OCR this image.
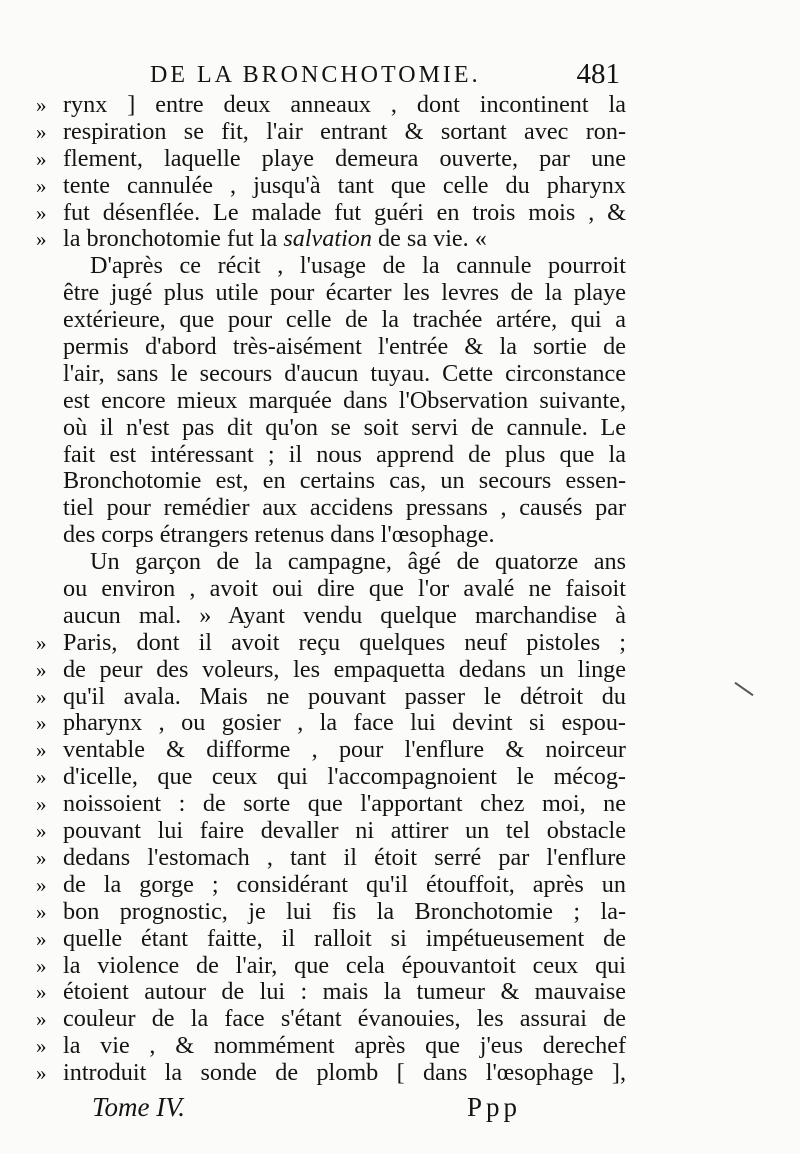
DE LA BRONCHOTOMIE.	481
» rynx ] entre deux anneaux , dont incontinent la
» respiration se fit, l'air entrant & sortant avec ron-
» flement, laquelle playe demeura ouverte, par une
» tente cannulée , jusqu'à tant que celle du pharynx
» fut désenflée. Le malade fut guéri en trois mois , &
» la bronchotomie fut la salvation de sa vie. «
D'après ce récit , l'usage de la cannule pourroit
être jugé plus utile pour écarter les levres de la playe
extérieure, que pour celle de la trachée artére, qui a
permis d'abord très-aisément l'entrée & la sortie de
l'air, sans le secours d'aucun tuyau. Cette circonstance
est encore mieux marquée dans l'Observation suivante,
où il n'est pas dit qu'on se soit servi de cannule. Le
fait est intéressant ; il nous apprend de plus que la
Bronchotomie est, en certains cas, un secours essen-
tiel pour remédier aux accidens pressans , causés par
des corps étrangers retenus dans l'œsophage.
Un garçon de la campagne, âgé de quatorze ans
ou environ , avoit oui dire que l'or avalé ne faisoit
aucun mal. » Ayant vendu quelque marchandise à
» Paris, dont il avoit reçu quelques neuf pistoles ;
» de peur des voleurs, les empaquetta dedans un linge
» qu'il avala. Mais ne pouvant passer le détroit du
» pharynx , ou gosier , la face lui devint si espou-
» ventable & difforme , pour l'enflure & noirceur
» d'icelle, que ceux qui l'accompagnoient le mécog-
» noissoient : de sorte que l'apportant chez moi, ne
» pouvant lui faire devaller ni attirer un tel obstacle
» dedans l'estomach , tant il étoit serré par l'enflure
» de la gorge ; considérant qu'il étouffoit, après un
» bon prognostic, je lui fis la Bronchotomie ; la-
» quelle étant faitte, il ralloit si impétueusement de
» la violence de l'air, que cela épouvantoit ceux qui
» étoient autour de lui : mais la tumeur & mauvaise
» couleur de la face s'étant évanouies, les assurai de
» la vie , & nommément après que j'eus derechef
» introduit la sonde de plomb [ dans l'œsophage ],
Tome IV.	Ppp
